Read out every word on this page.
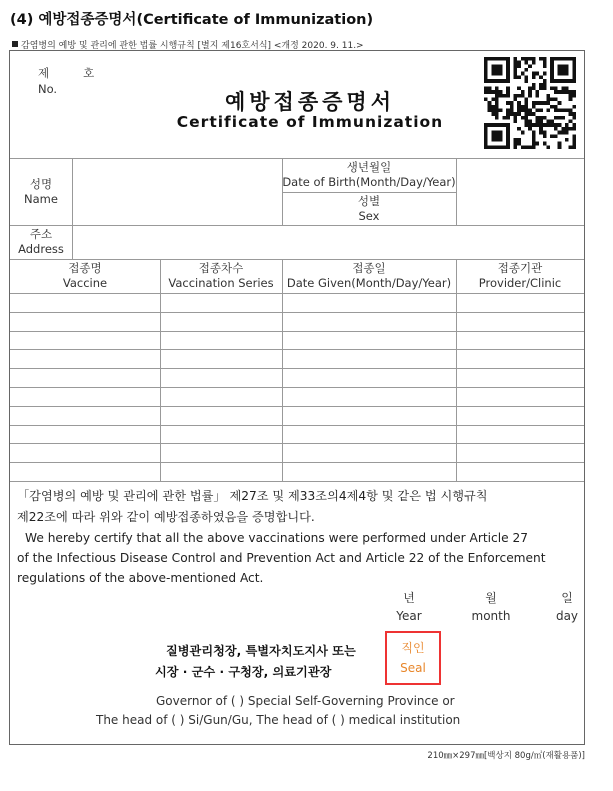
(4) 예방접종증명서(Certificate of Immunization)
감염병의 예방 및 관리에 관한 법률 시행규칙 [별지 제16호서식] <개정 2020. 9. 11.>
제	호
No.
예방접종증명서
Certificate of Immunization
성명
Name
생년월일
Date of Birth(Month/Day/Year)
성별
Sex
주소
Address
접종명
Vaccine
접종차수
Vaccination Series
접종일
Date Given(Month/Day/Year)
접종기관
Provider/Clinic
「감염병의 예방 및 관리에 관한 법률」 제27조 및 제33조의4제4항 및 같은 법 시행규칙
제22조에 따라 위와 같이 예방접종하였음을 증명합니다.
We hereby certify that all the above vaccinations were performed under Article 27
of the Infectious Disease Control and Prevention Act and Article 22 of the Enforcement
regulations of the above-mentioned Act.
년
Year
월
month
일
day
질병관리청장, 특별자치도지사 또는
시장 · 군수 · 구청장, 의료기관장
직인
Seal
Governor of ( ) Special Self-Governing Province or
The head of ( ) Si/Gun/Gu, The head of ( ) medical institution
210㎜×297㎜[백상지 80g/㎡(재활용품)]
